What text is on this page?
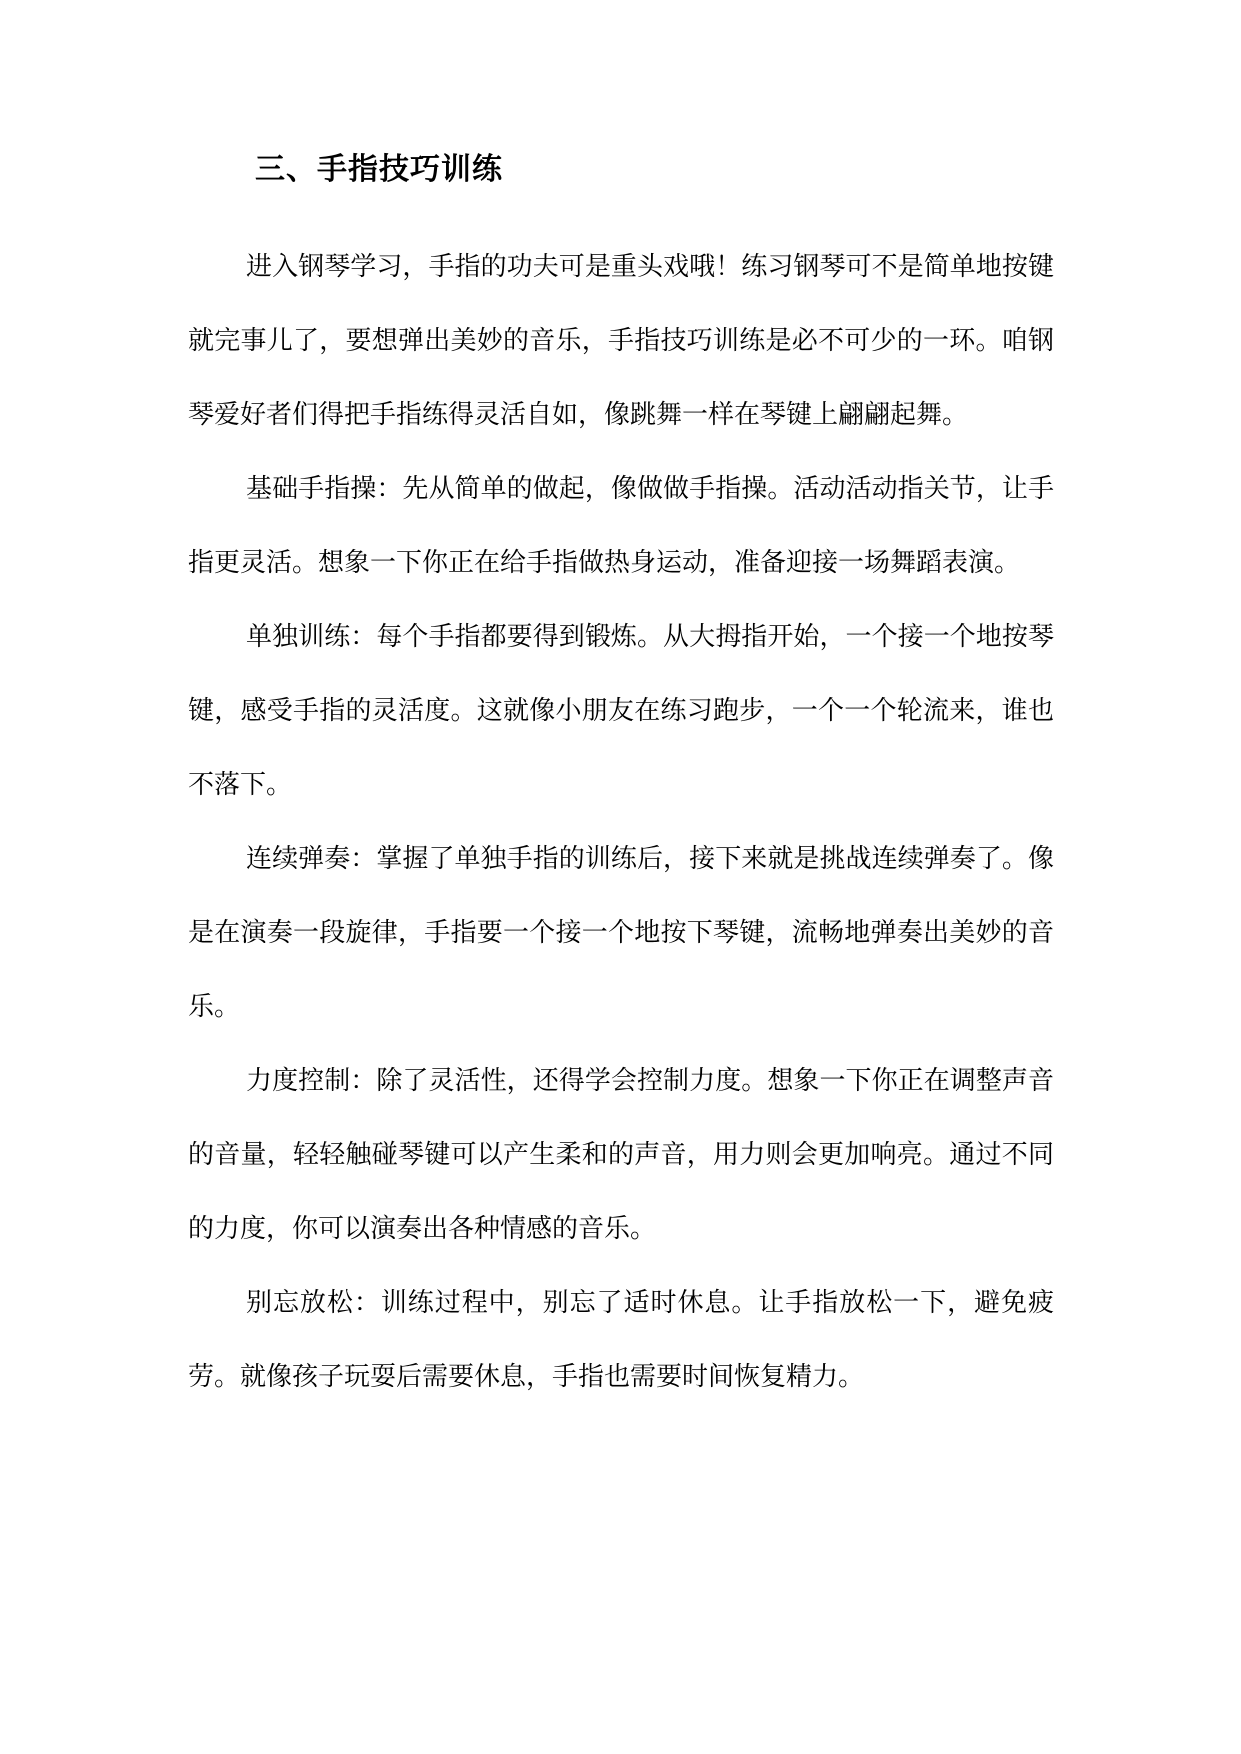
三、手指技巧训练

进入钢琴学习，手指的功夫可是重头戏哦！练习钢琴可不是简单地按键就完事儿了，要想弹出美妙的音乐，手指技巧训练是必不可少的一环。咱钢琴爱好者们得把手指练得灵活自如，像跳舞一样在琴键上翩翩起舞。

基础手指操：先从简单的做起，像做做手指操。活动活动指关节，让手指更灵活。想象一下你正在给手指做热身运动，准备迎接一场舞蹈表演。

单独训练：每个手指都要得到锻炼。从大拇指开始，一个接一个地按琴键，感受手指的灵活度。这就像小朋友在练习跑步，一个一个轮流来，谁也不落下。

连续弹奏：掌握了单独手指的训练后，接下来就是挑战连续弹奏了。像是在演奏一段旋律，手指要一个接一个地按下琴键，流畅地弹奏出美妙的音乐。

力度控制：除了灵活性，还得学会控制力度。想象一下你正在调整声音的音量，轻轻触碰琴键可以产生柔和的声音，用力则会更加响亮。通过不同的力度，你可以演奏出各种情感的音乐。

别忘放松：训练过程中，别忘了适时休息。让手指放松一下，避免疲劳。就像孩子玩耍后需要休息，手指也需要时间恢复精力。
